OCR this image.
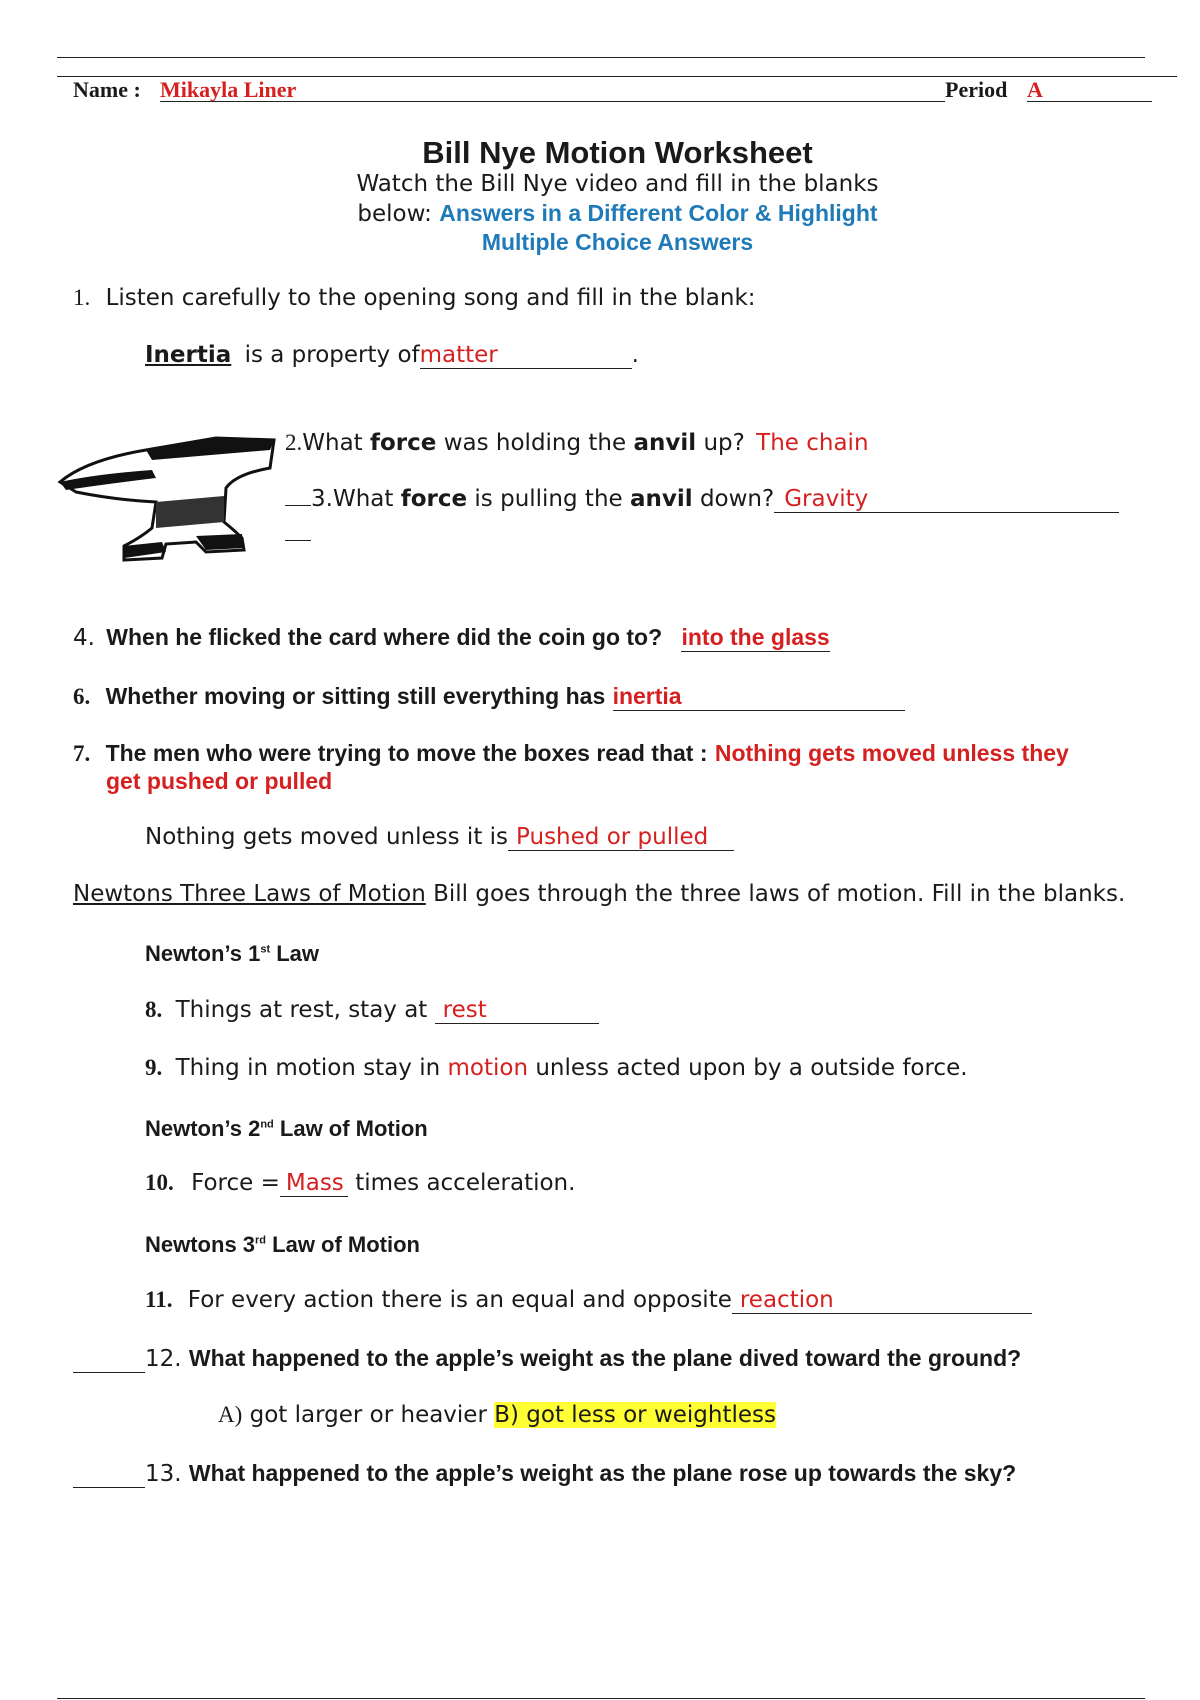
Name : Mikayla Liner	Period A
Bill Nye Motion Worksheet
Watch the Bill Nye video and fill in the blanks
below: Answers in a Different Color & Highlight
Multiple Choice Answers
1. Listen carefully to the opening song and fill in the blank:
Inertia is a property ofmatter	.
2.What force was holding the anvil up? The chain
3.What force is pulling the anvil down? Gravity
4. When he flicked the card where did the coin go to? into the glass
6. Whether moving or sitting still everything has inertia
7. The men who were trying to move the boxes read that : Nothing gets moved unless they
get pushed or pulled
Nothing gets moved unless it is Pushed or pulled
Newtons Three Laws of Motion Bill goes through the three laws of motion. Fill in the blanks.
Newton’s 1st Law
8. Things at rest, stay at rest
9. Thing in motion stay in motion unless acted upon by a outside force.
Newton’s 2nd Law of Motion
10. Force = Mass times acceleration.
Newtons 3rd Law of Motion
11. For every action there is an equal and opposite reaction
12. What happened to the apple’s weight as the plane dived toward the ground?
A) got larger or heavier B) got less or weightless
13. What happened to the apple’s weight as the plane rose up towards the sky?
